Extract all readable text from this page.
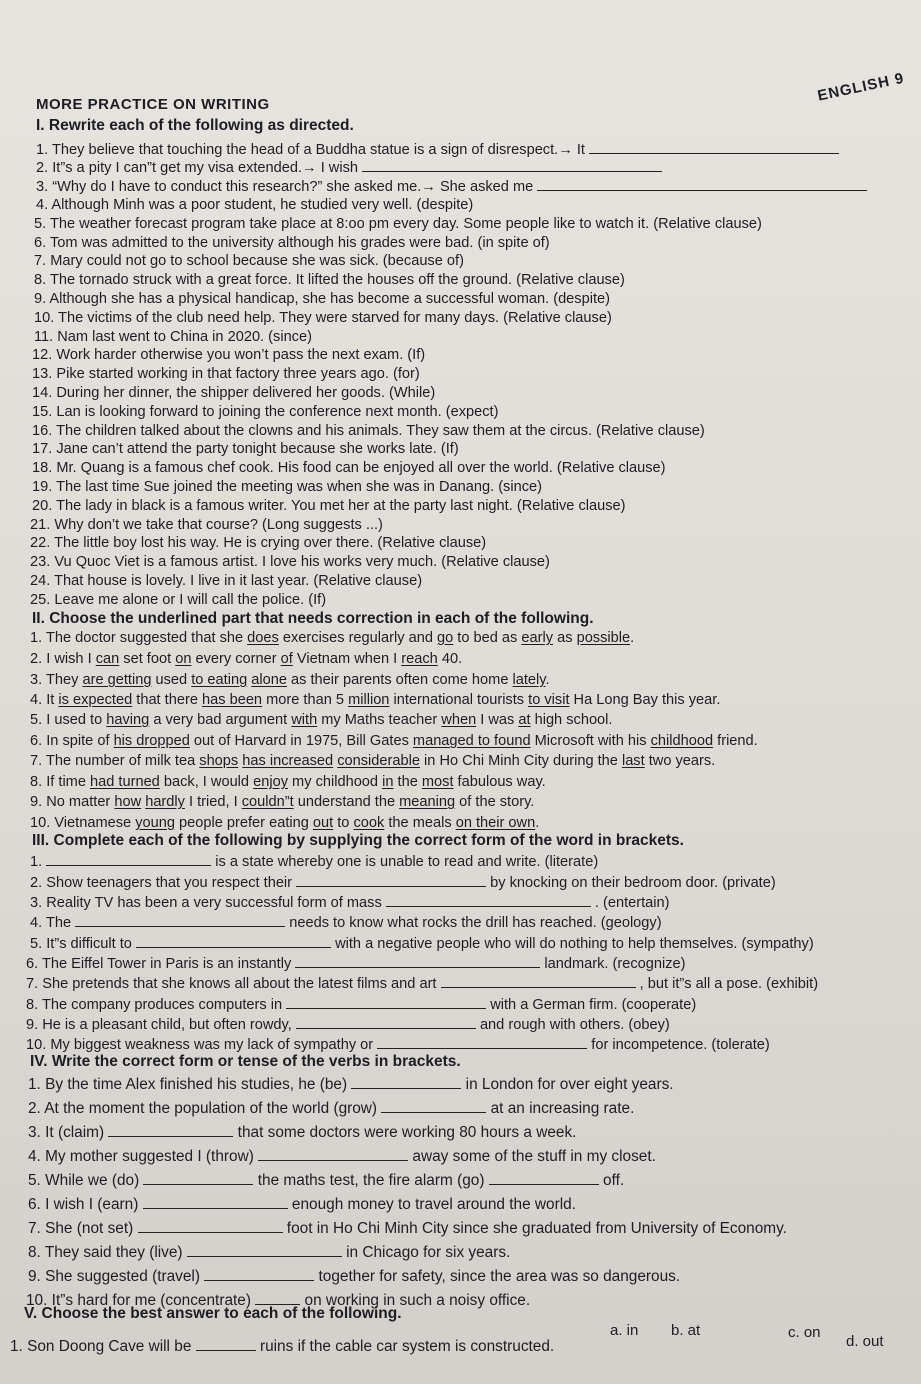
MORE PRACTICE ON WRITING	ENGLISH 9
I. Rewrite each of the following as directed.
1. They believe that touching the head of a Buddha statue is a sign of disrespect.→ It
2. It”s a pity I can”t get my visa extended.→ I wish
3. “Why do I have to conduct this research?” she asked me.→ She asked me
4. Although Minh was a poor student, he studied very well. (despite)
5. The weather forecast program take place at 8:oo pm every day. Some people like to watch it. (Relative clause)
6. Tom was admitted to the university although his grades were bad. (in spite of)
7. Mary could not go to school because she was sick. (because of)
8. The tornado struck with a great force. It lifted the houses off the ground. (Relative clause)
9. Although she has a physical handicap, she has become a successful woman. (despite)
10. The victims of the club need help. They were starved for many days. (Relative clause)
11. Nam last went to China in 2020. (since)
12. Work harder otherwise you won’t pass the next exam. (If)
13. Pike started working in that factory three years ago. (for)
14. During her dinner, the shipper delivered her goods. (While)
15. Lan is looking forward to joining the conference next month. (expect)
16. The children talked about the clowns and his animals. They saw them at the circus. (Relative clause)
17. Jane can’t attend the party tonight because she works late. (If)
18. Mr. Quang is a famous chef cook. His food can be enjoyed all over the world. (Relative clause)
19. The last time Sue joined the meeting was when she was in Danang. (since)
20. The lady in black is a famous writer. You met her at the party last night. (Relative clause)
21. Why don’t we take that course? (Long suggests ...)
22. The little boy lost his way. He is crying over there. (Relative clause)
23. Vu Quoc Viet is a famous artist. I love his works very much. (Relative clause)
24. That house is lovely. I live in it last year. (Relative clause)
25. Leave me alone or I will call the police. (If)
II. Choose the underlined part that needs correction in each of the following.
1. The doctor suggested that she does exercises regularly and go to bed as early as possible.
2. I wish I can set foot on every corner of Vietnam when I reach 40.
3. They are getting used to eating alone as their parents often come home lately.
4. It is expected that there has been more than 5 million international tourists to visit Ha Long Bay this year.
5. I used to having a very bad argument with my Maths teacher when I was at high school.
6. In spite of his dropped out of Harvard in 1975, Bill Gates managed to found Microsoft with his childhood friend.
7. The number of milk tea shops has increased considerable in Ho Chi Minh City during the last two years.
8. If time had turned back, I would enjoy my childhood in the most fabulous way.
9. No matter how hardly I tried, I couldn”t understand the meaning of the story.
10. Vietnamese young people prefer eating out to cook the meals on their own.
III. Complete each of the following by supplying the correct form of the word in brackets.
1.	is a state whereby one is unable to read and write. (literate)
2. Show teenagers that you respect their	by knocking on their bedroom door. (private)
3. Reality TV has been a very successful form of mass	. (entertain)
4. The	needs to know what rocks the drill has reached. (geology)
5. It”s difficult to	with a negative people who will do nothing to help themselves. (sympathy)
6. The Eiffel Tower in Paris is an instantly	landmark. (recognize)
7. She pretends that she knows all about the latest films and art	, but it”s all a pose. (exhibit)
8. The company produces computers in	with a German firm. (cooperate)
9. He is a pleasant child, but often rowdy,	and rough with others. (obey)
10. My biggest weakness was my lack of sympathy or	for incompetence. (tolerate)
IV. Write the correct form or tense of the verbs in brackets.
1. By the time Alex finished his studies, he (be)	in London for over eight years.
2. At the moment the population of the world (grow)	at an increasing rate.
3. It (claim)	that some doctors were working 80 hours a week.
4. My mother suggested I (throw)	away some of the stuff in my closet.
5. While we (do)	the maths test, the fire alarm (go)	off.
6. I wish I (earn)	enough money to travel around the world.
7. She (not set)	foot in Ho Chi Minh City since she graduated from University of Economy.
8. They said they (live)	in Chicago for six years.
9. She suggested (travel)	together for safety, since the area was so dangerous.
10. It”s hard for me (concentrate)	on working in such a noisy office.
V. Choose the best answer to each of the following.
1. Son Doong Cave will be	ruins if the cable car system is constructed.
a. in b. at	c. on
d. out
